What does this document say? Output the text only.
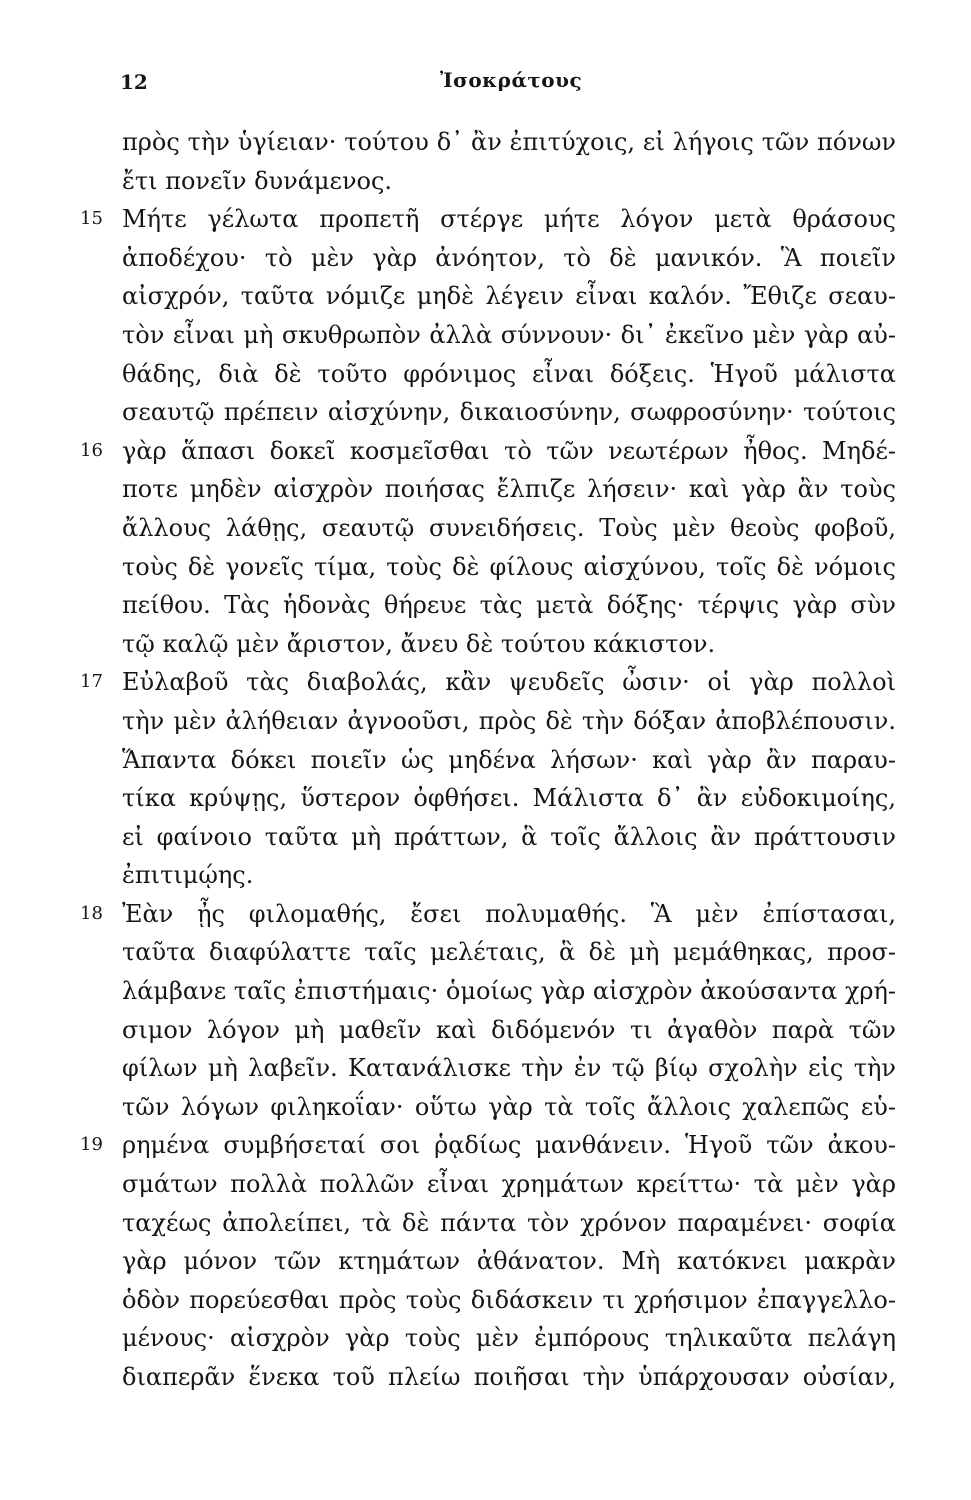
12	Ἰσοκράτους
πρὸς τὴν ὑγίειαν· τούτου δ᾽ ἂν ἐπιτύχοις, εἰ λήγοις τῶν πόνων
ἔτι πονεῖν δυνάμενος.
15 Μήτε γέλωτα προπετῆ στέργε μήτε λόγον μετὰ θράσους
ἀποδέχου· τὸ μὲν γὰρ ἀνόητον, τὸ δὲ μανικόν. Ἃ ποιεῖν
αἰσχρόν, ταῦτα νόμιζε μηδὲ λέγειν εἶναι καλόν. Ἔθιζε σεαυ-
τὸν εἶναι μὴ σκυθρωπὸν ἀλλὰ σύννουν· δι᾽ ἐκεῖνο μὲν γὰρ αὐ-
θάδης, διὰ δὲ τοῦτο φρόνιμος εἶναι δόξεις. Ἡγοῦ μάλιστα
σεαυτῷ πρέπειν αἰσχύνην, δικαιοσύνην, σωφροσύνην· τούτοις
16 γὰρ ἅπασι δοκεῖ κοσμεῖσθαι τὸ τῶν νεωτέρων ἦθος. Μηδέ-
ποτε μηδὲν αἰσχρὸν ποιήσας ἔλπιζε λήσειν· καὶ γὰρ ἂν τοὺς
ἄλλους λάθῃς, σεαυτῷ συνειδήσεις. Τοὺς μὲν θεοὺς φοβοῦ,
τοὺς δὲ γονεῖς τίμα, τοὺς δὲ φίλους αἰσχύνου, τοῖς δὲ νόμοις
πείθου. Τὰς ἡδονὰς θήρευε τὰς μετὰ δόξης· τέρψις γὰρ σὺν
τῷ καλῷ μὲν ἄριστον, ἄνευ δὲ τούτου κάκιστον.
17 Εὐλαβοῦ τὰς διαβολάς, κἂν ψευδεῖς ὦσιν· οἱ γὰρ πολλοὶ
τὴν μὲν ἀλήθειαν ἀγνοοῦσι, πρὸς δὲ τὴν δόξαν ἀποβλέπουσιν.
Ἅπαντα δόκει ποιεῖν ὡς μηδένα λήσων· καὶ γὰρ ἂν παραυ-
τίκα κρύψῃς, ὕστερον ὀφθήσει. Μάλιστα δ᾽ ἂν εὐδοκιμοίης,
εἰ φαίνοιο ταῦτα μὴ πράττων, ἃ τοῖς ἄλλοις ἂν πράττουσιν
ἐπιτιμῴης.
18 Ἐὰν ᾖς φιλομαθής, ἔσει πολυμαθής. Ἃ μὲν ἐπίστασαι,
ταῦτα διαφύλαττε ταῖς μελέταις, ἃ δὲ μὴ μεμάθηκας, προσ-
λάμβανε ταῖς ἐπιστήμαις· ὁμοίως γὰρ αἰσχρὸν ἀκούσαντα χρή-
σιμον λόγον μὴ μαθεῖν καὶ διδόμενόν τι ἀγαθὸν παρὰ τῶν
φίλων μὴ λαβεῖν. Κατανάλισκε τὴν ἐν τῷ βίῳ σχολὴν εἰς τὴν
τῶν λόγων φιληκοΐαν· οὕτω γὰρ τὰ τοῖς ἄλλοις χαλεπῶς εὑ-
19 ρημένα συμβήσεταί σοι ῥᾳδίως μανθάνειν. Ἡγοῦ τῶν ἀκου-
σμάτων πολλὰ πολλῶν εἶναι χρημάτων κρείττω· τὰ μὲν γὰρ
ταχέως ἀπολείπει, τὰ δὲ πάντα τὸν χρόνον παραμένει· σοφία
γὰρ μόνον τῶν κτημάτων ἀθάνατον. Μὴ κατόκνει μακρὰν
ὁδὸν πορεύεσθαι πρὸς τοὺς διδάσκειν τι χρήσιμον ἐπαγγελλο-
μένους· αἰσχρὸν γὰρ τοὺς μὲν ἐμπόρους τηλικαῦτα πελάγη
διαπερᾶν ἕνεκα τοῦ πλείω ποιῆσαι τὴν ὑπάρχουσαν οὐσίαν,
